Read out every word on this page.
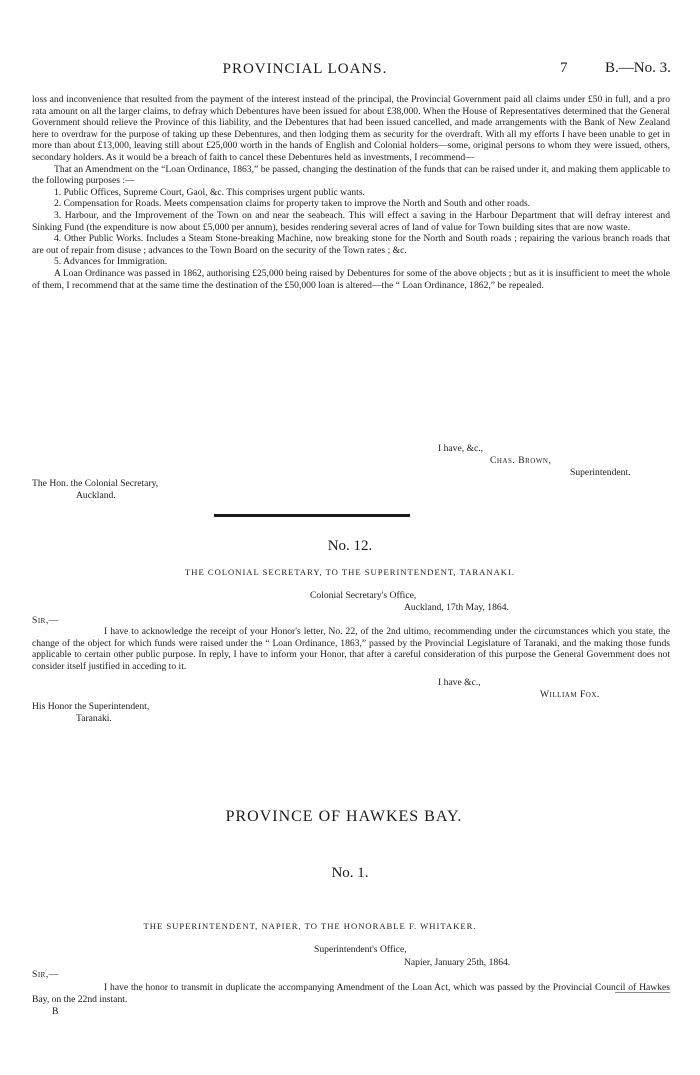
PROVINCIAL LOANS.	7	B.—No. 3.

loss and inconvenience that resulted from the payment of the interest instead of the principal, the Provincial Government paid all claims under £50 in full, and a pro rata amount on all the larger claims, to defray which Debentures have been issued for about £38,000. When the House of Representatives determined that the General Government should relieve the Province of this liability, and the Debentures that had been issued cancelled, and made arrangements with the Bank of New Zealand here to overdraw for the purpose of taking up these Debentures, and then lodging them as security for the overdraft. With all my efforts I have been unable to get in more than about £13,000, leaving still about £25,000 worth in the hands of English and Colonial holders—some, original persons to whom they were issued, others, secondary holders. As it would be a breach of faith to cancel these Debentures held as investments, I recommend—

That an Amendment on the “Loan Ordinance, 1863,” be passed, changing the destination of the funds that can be raised under it, and making them applicable to the following purposes :—

1. Public Offices, Supreme Court, Gaol, &c. This comprises urgent public wants.

2. Compensation for Roads. Meets compensation claims for property taken to improve the North and South and other roads.

3. Harbour, and the Improvement of the Town on and near the seabeach. This will effect a saving in the Harbour Department that will defray interest and Sinking Fund (the expenditure is now about £5,000 per annum), besides rendering several acres of land of value for Town building sites that are now waste.

4. Other Public Works. Includes a Steam Stone-breaking Machine, now breaking stone for the North and South roads ; repairing the various branch roads that are out of repair from disuse ; advances to the Town Board on the security of the Town rates ; &c.

5. Advances for Immigration.

A Loan Ordinance was passed in 1862, authorising £25,000 being raised by Debentures for some of the above objects ; but as it is insufficient to meet the whole of them, I recommend that at the same time the destination of the £50,000 loan is altered—the “ Loan Ordinance, 1862,” be repealed.

I have, &c.,
Chas. Brown,
Superintendent.
The Hon. the Colonial Secretary,
Auckland.
No. 12.
THE COLONIAL SECRETARY, TO THE SUPERINTENDENT, TARANAKI.
Colonial Secretary's Office,
Auckland, 17th May, 1864.
Sir,—

I have to acknowledge the receipt of your Honor's letter, No. 22, of the 2nd ultimo, recommending under the circumstances which you state, the change of the object for which funds were raised under the “ Loan Ordinance, 1863,” passed by the Provincial Legislature of Taranaki, and the making those funds applicable to certain other public purpose. In reply, I have to inform your Honor, that after a careful consideration of this purpose the General Government does not consider itself justified in acceding to it.

I have &c.,
William Fox.
His Honor the Superintendent,
Taranaki.
PROVINCE OF HAWKES BAY.
No. 1.
THE SUPERINTENDENT, NAPIER, TO THE HONORABLE F. WHITAKER.
Superintendent's Office,
Napier, January 25th, 1864.
Sir,—

I have the honor to transmit in duplicate the accompanying Amendment of the Loan Act, which was passed by the Provincial Council of Hawkes Bay, on the 22nd instant.

B
